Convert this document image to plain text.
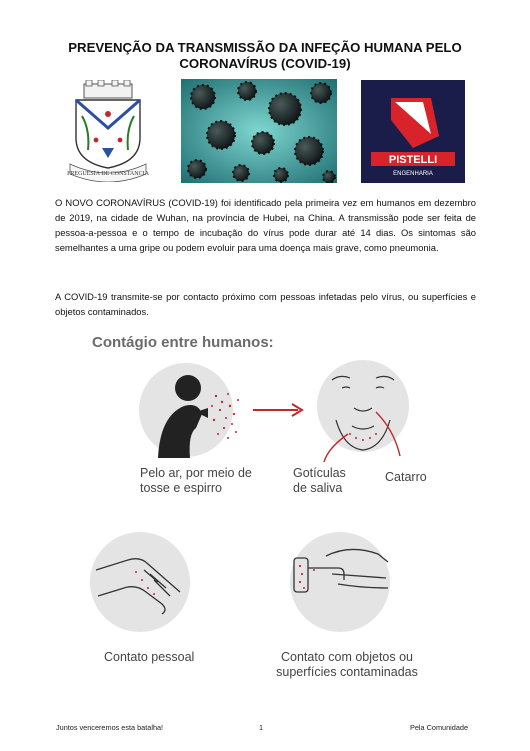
PREVENÇÃO DA TRANSMISSÃO DA INFEÇÃO HUMANA PELO
CORONAVÍRUS (COVID-19)
FREGUESIA DE CONSTANCIA
PISTELLI
ENGENHARIA

O NOVO CORONAVÍRUS (COVID-19) foi identificado pela primeira vez em humanos em dezembro de 2019, na cidade de Wuhan, na província de Hubei, na China. A transmissão pode ser feita de pessoa-a-pessoa e o tempo de incubação do vírus pode durar até 14 dias. Os sintomas são semelhantes a uma gripe ou podem evoluir para uma doença mais grave, como pneumonia.

A COVID-19 transmite-se por contacto próximo com pessoas infetadas pelo vírus, ou superfícies e objetos contaminados.

Contágio entre humanos:
Pelo ar, por meio de
tosse e espirro
Gotículas
de saliva
Catarro
Contato pessoal	Contato com objetos ou
superfícies contaminadas
Juntos venceremos esta batalha!	1	Pela Comunidade
